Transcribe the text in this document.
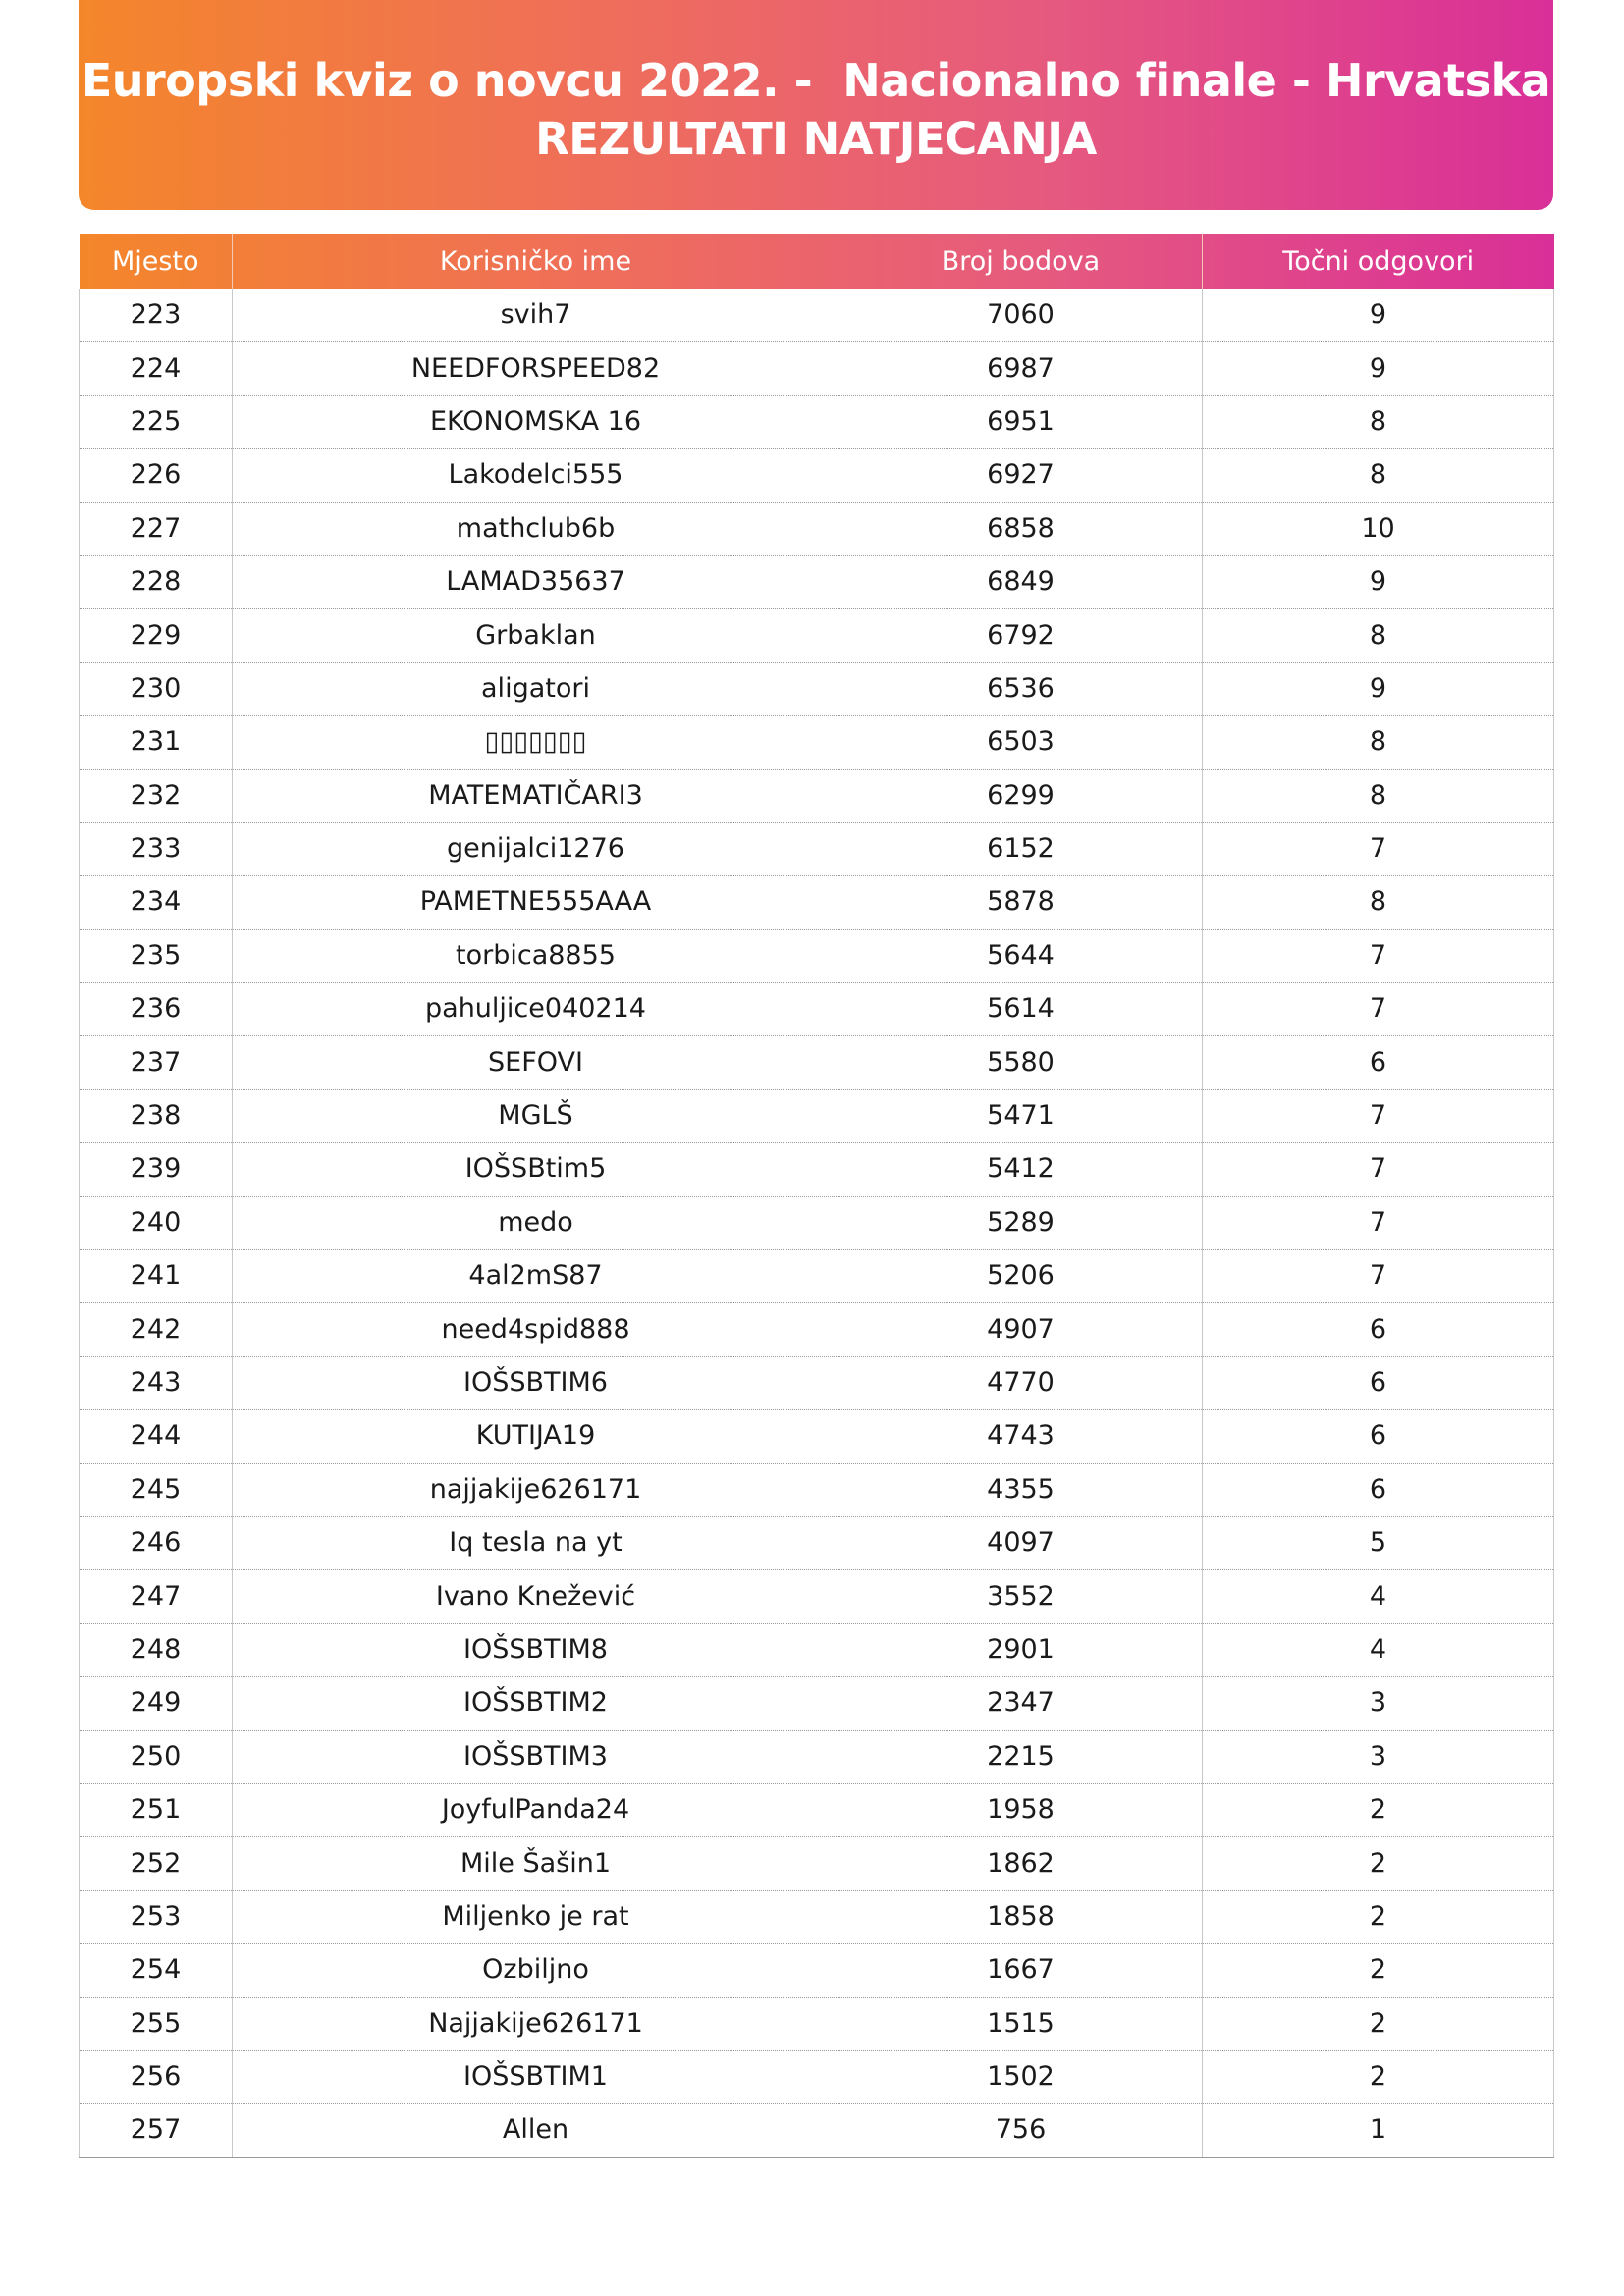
Europski kviz o novcu 2022. -  Nacionalno finale - Hrvatska
REZULTATI NATJECANJA
Mjesto	Korisničko ime	Broj bodova	Točni odgovori
223	svih7	7060	9
224	NEEDFORSPEED82	6987	9
225	EKONOMSKA 16	6951	8
226	Lakodelci555	6927	8
227	mathclub6b	6858	10
228	LAMAD35637	6849	9
229	Grbaklan	6792	8
230	aligatori	6536	9
231	▯▯▯▯▯▯▯	6503	8
232	MATEMATIČARI3	6299	8
233	genijalci1276	6152	7
234	PAMETNE555AAA	5878	8
235	torbica8855	5644	7
236	pahuljice040214	5614	7
237	SEFOVI	5580	6
238	MGLŠ	5471	7
239	IOŠSBtim5	5412	7
240	medo	5289	7
241	4al2mS87	5206	7
242	need4spid888	4907	6
243	IOŠSBTIM6	4770	6
244	KUTIJA19	4743	6
245	najjakije626171	4355	6
246	Iq tesla na yt	4097	5
247	Ivano Knežević	3552	4
248	IOŠSBTIM8	2901	4
249	IOŠSBTIM2	2347	3
250	IOŠSBTIM3	2215	3
251	JoyfulPanda24	1958	2
252	Mile Šašin1	1862	2
253	Miljenko je rat	1858	2
254	Ozbiljno	1667	2
255	Najjakije626171	1515	2
256	IOŠSBTIM1	1502	2
257	Allen	756	1
